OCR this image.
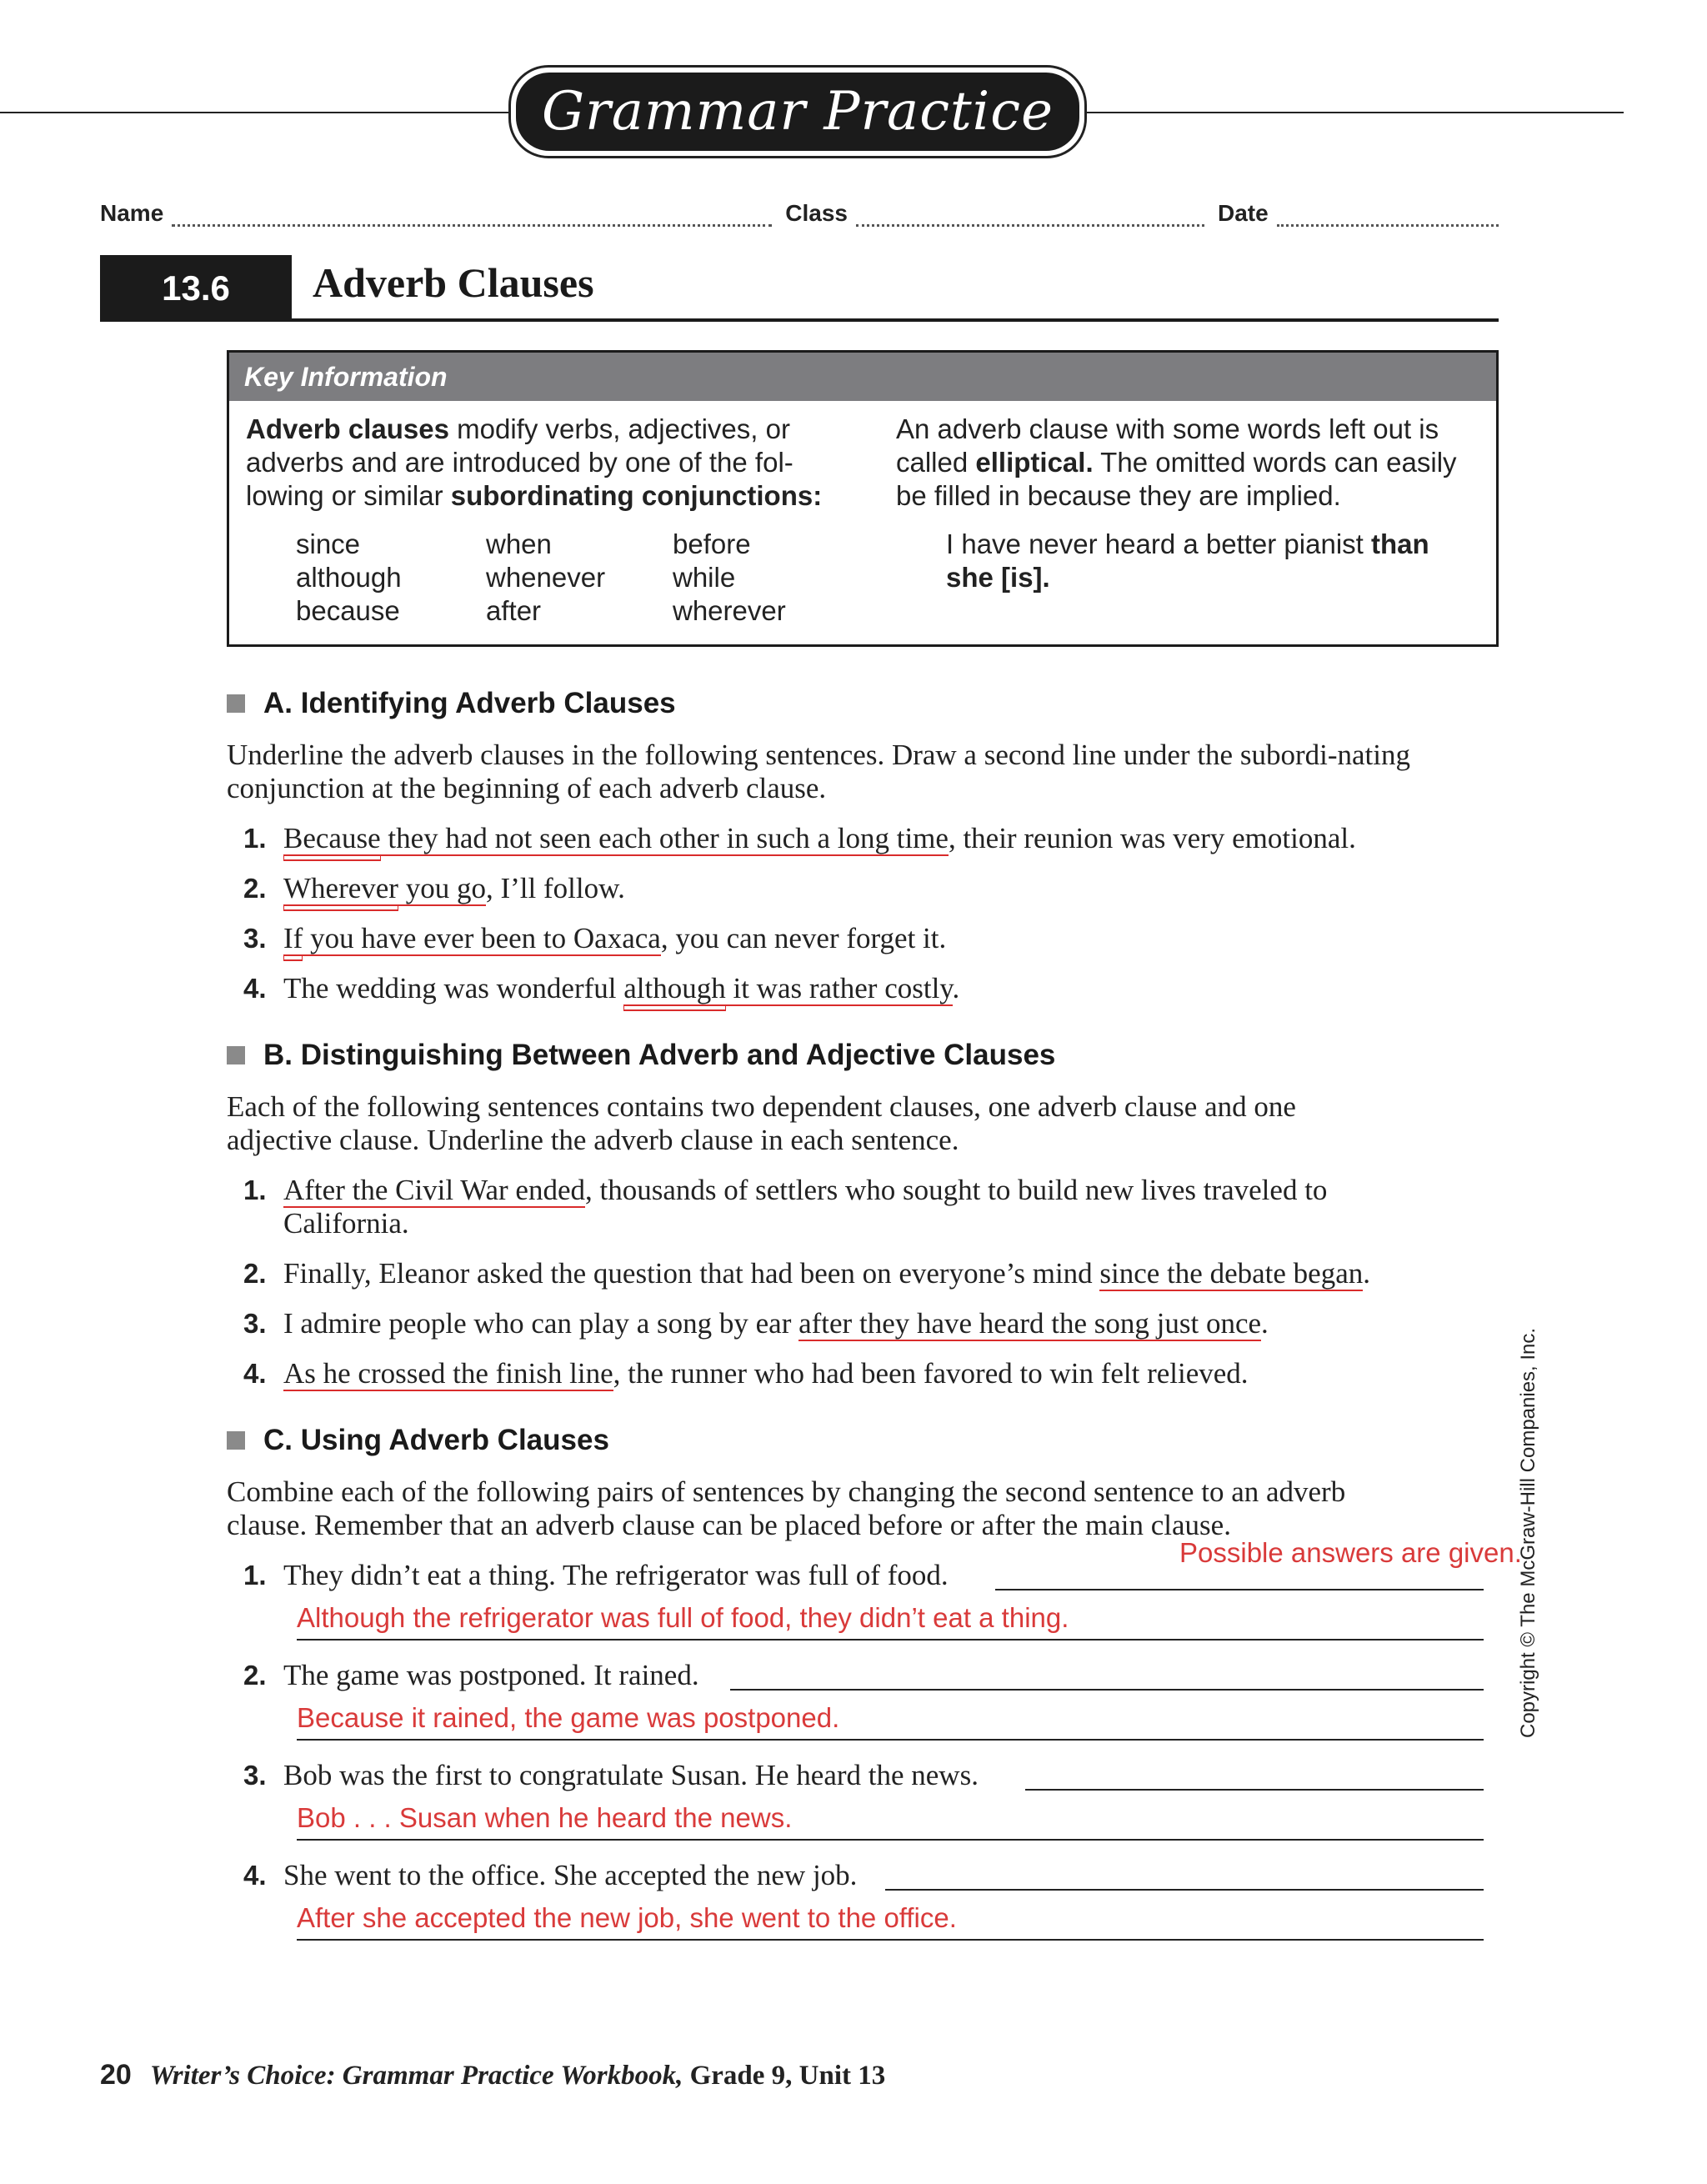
Grammar Practice
Name	Class	Date
13.6	Adverb Clauses
Key Information
Adverb clauses modify verbs, adjectives, or adverbs and are introduced by one of the fol-lowing or similar subordinating conjunctions:
since	when	before
although	whenever	while
because	after	wherever
An adverb clause with some words left out is called elliptical. The omitted words can easily be filled in because they are implied.
I have never heard a better pianist than she [is].
A. Identifying Adverb Clauses
Underline the adverb clauses in the following sentences. Draw a second line under the subordi-nating conjunction at the beginning of each adverb clause.
1. Because they had not seen each other in such a long time, their reunion was very emotional.
2. Wherever you go, I’ll follow.
3. If you have ever been to Oaxaca, you can never forget it.
4. The wedding was wonderful although it was rather costly.
B. Distinguishing Between Adverb and Adjective Clauses
Each of the following sentences contains two dependent clauses, one adverb clause and one adjective clause. Underline the adverb clause in each sentence.
1. After the Civil War ended, thousands of settlers who sought to build new lives traveled to
California.
2. Finally, Eleanor asked the question that had been on everyone’s mind since the debate began.
3. I admire people who can play a song by ear after they have heard the song just once.
4. As he crossed the finish line, the runner who had been favored to win felt relieved.
C. Using Adverb Clauses
Combine each of the following pairs of sentences by changing the second sentence to an adverb clause. Remember that an adverb clause can be placed before or after the main clause.
Possible answers are given.
1. They didn’t eat a thing. The refrigerator was full of food.
Although the refrigerator was full of food, they didn’t eat a thing.
2. The game was postponed. It rained.
Because it rained, the game was postponed.
3. Bob was the first to congratulate Susan. He heard the news.
Bob . . . Susan when he heard the news.
4. She went to the office. She accepted the new job.
After she accepted the new job, she went to the office.
Copyright © The McGraw-Hill Companies, Inc.
20 Writer’s Choice: Grammar Practice Workbook, Grade 9, Unit 13
